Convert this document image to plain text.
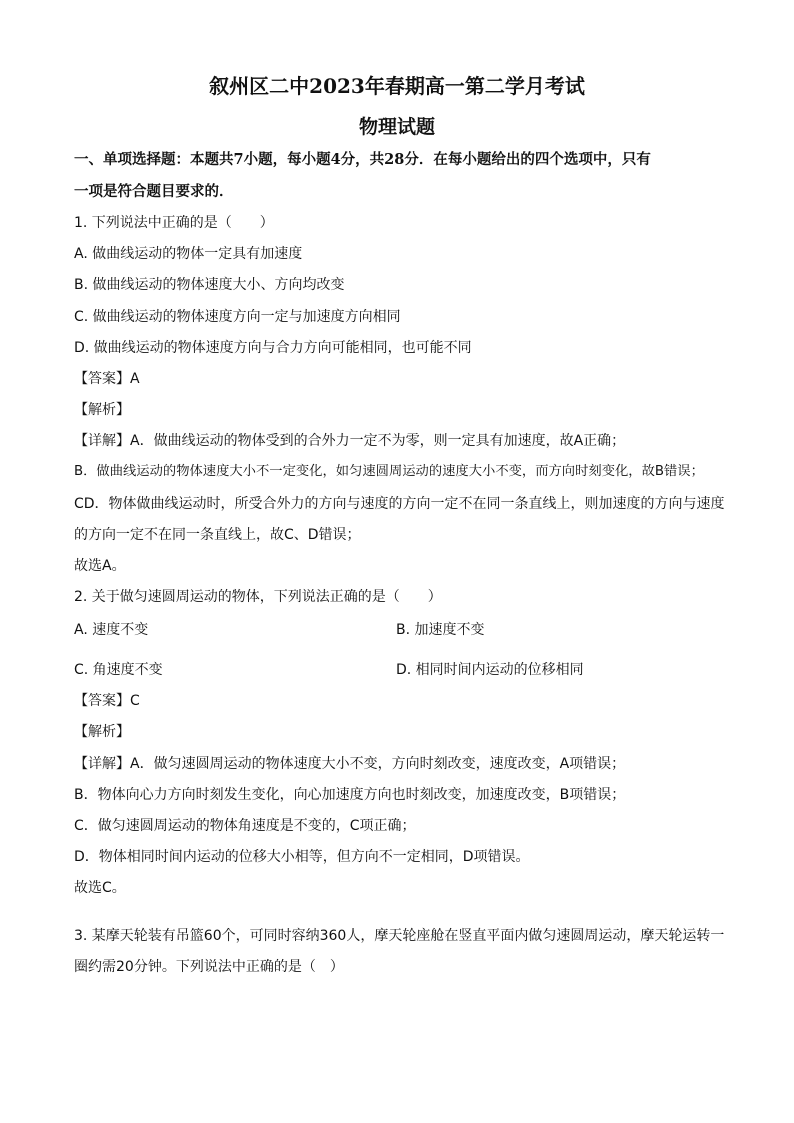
叙州区二中2023年春期高一第二学月考试
物理试题
一、单项选择题：本题共7小题，每小题4分，共28分．在每小题给出的四个选项中，只有
一项是符合题目要求的．
1. 下列说法中正确的是（　　）
A. 做曲线运动的物体一定具有加速度
B. 做曲线运动的物体速度大小、方向均改变
C. 做曲线运动的物体速度方向一定与加速度方向相同
D. 做曲线运动的物体速度方向与合力方向可能相同，也可能不同
【答案】A
【解析】
【详解】A．做曲线运动的物体受到的合外力一定不为零，则一定具有加速度，故A正确；
B．做曲线运动的物体速度大小不一定变化，如匀速圆周运动的速度大小不变，而方向时刻变化，故B错误；
CD．物体做曲线运动时，所受合外力的方向与速度的方向一定不在同一条直线上，则加速度的方向与速度
的方向一定不在同一条直线上，故C、D错误；
故选A。
2. 关于做匀速圆周运动的物体，下列说法正确的是（　　）
A. 速度不变	B. 加速度不变
C. 角速度不变	D. 相同时间内运动的位移相同
【答案】C
【解析】
【详解】A．做匀速圆周运动的物体速度大小不变，方向时刻改变，速度改变，A项错误；
B．物体向心力方向时刻发生变化，向心加速度方向也时刻改变，加速度改变，B项错误；
C．做匀速圆周运动的物体角速度是不变的，C项正确；
D．物体相同时间内运动的位移大小相等，但方向不一定相同，D项错误。
故选C。
3. 某摩天轮装有吊篮60个，可同时容纳360人，摩天轮座舱在竖直平面内做匀速圆周运动，摩天轮运转一
圈约需20分钟。下列说法中正确的是（　）
